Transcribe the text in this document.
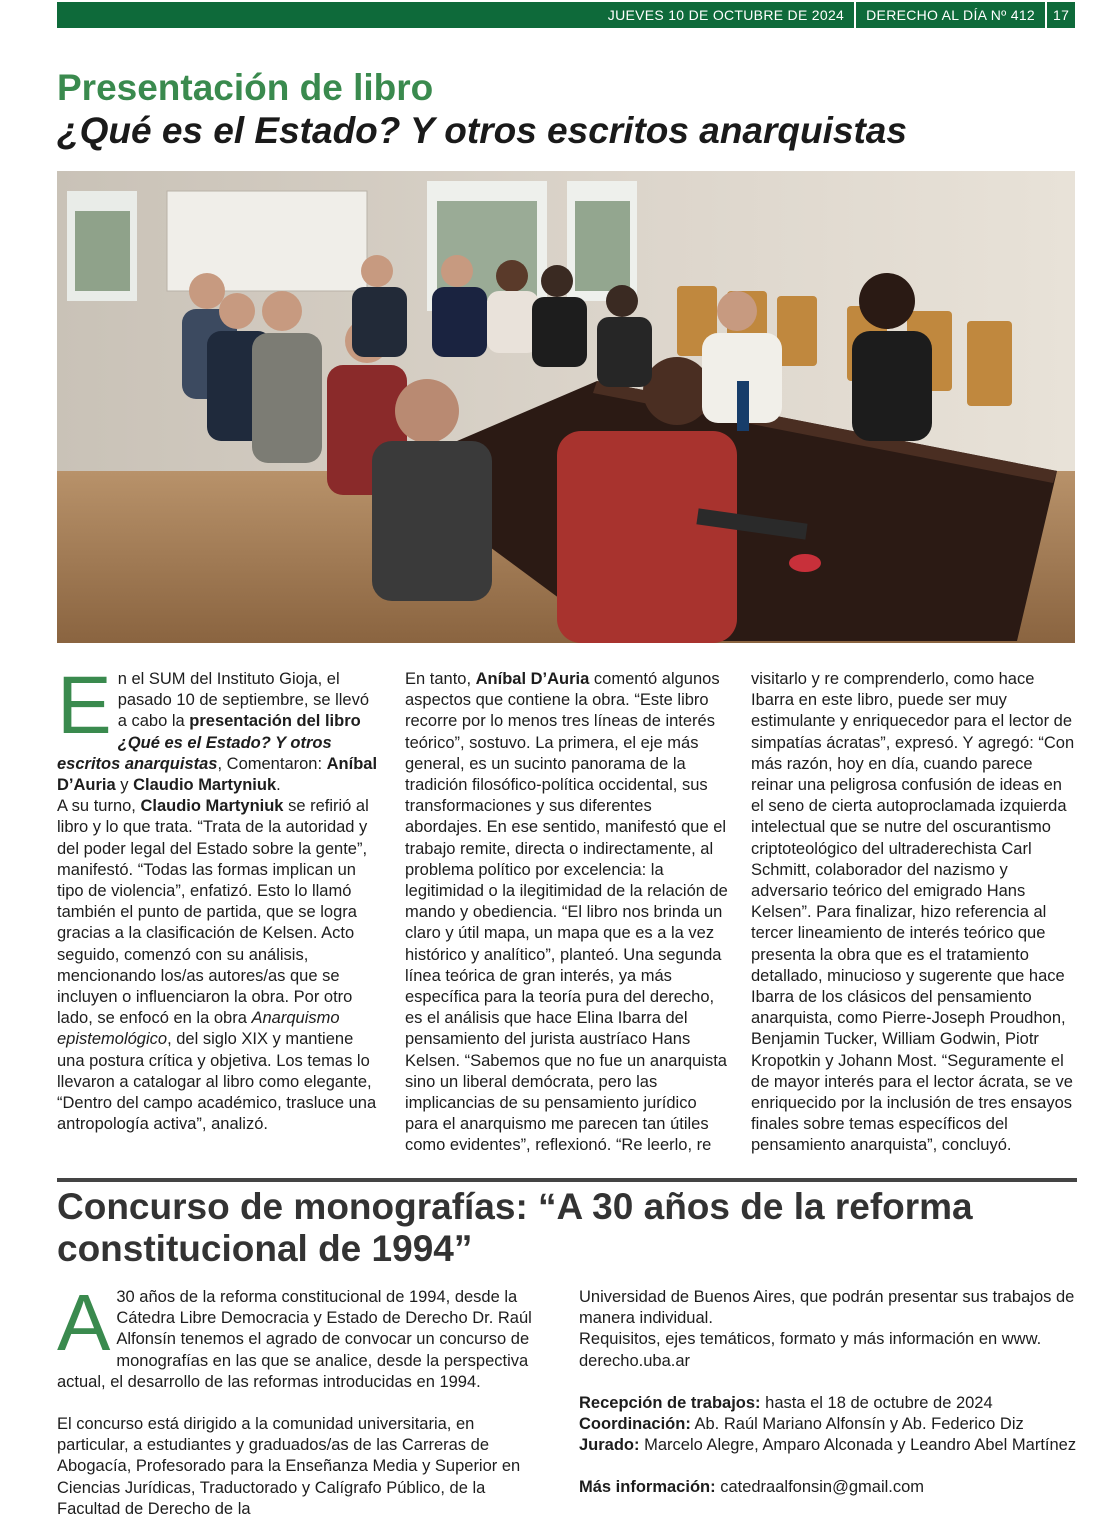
JUEVES 10 DE OCTUBRE DE 2024	DERECHO AL DÍA Nº 412	17
Presentación de libro
¿Qué es el Estado? Y otros escritos anarquistas

En el SUM del Instituto Gioja, el pasado 10 de septiembre, se llevó a cabo la presentación del libro ¿Qué es el Estado? Y otros escritos anarquistas, Comentaron: Aníbal D’Auria y Claudio Martyniuk.

A su turno, Claudio Martyniuk se refirió al libro y lo que trata. “Trata de la autoridad y del poder legal del Estado sobre la gente”, manifestó. “Todas las formas implican un tipo de violencia”, enfatizó. Esto lo llamó también el punto de partida, que se logra gracias a la clasificación de Kelsen. Acto seguido, comenzó con su análisis, mencionando los/as autores/as que se incluyen o influenciaron la obra. Por otro lado, se enfocó en la obra Anarquismo epistemológico, del siglo XIX y mantiene una postura crítica y objetiva. Los temas lo llevaron a catalogar al libro como elegante, “Dentro del campo académico, trasluce una antropología activa”, analizó.

En tanto, Aníbal D’Auria comentó algunos aspectos que contiene la obra. “Este libro recorre por lo menos tres líneas de interés teórico”, sostuvo. La primera, el eje más general, es un sucinto panorama de la tradición filosófico-política occidental, sus transformaciones y sus diferentes abordajes. En ese sentido, manifestó que el trabajo remite, directa o indirectamente, al problema político por excelencia: la legitimidad o la ilegitimidad de la relación de mando y obediencia. “El libro nos brinda un claro y útil mapa, un mapa que es a la vez histórico y analítico”, planteó. Una segunda línea teórica de gran interés, ya más específica para la teoría pura del derecho, es el análisis que hace Elina Ibarra del pensamiento del jurista austríaco Hans Kelsen. “Sabemos que no fue un anarquista sino un liberal demócrata, pero las implicancias de su pensamiento jurídico para el anarquismo me parecen tan útiles como evidentes”, reflexionó. “Re leerlo, re

visitarlo y re comprenderlo, como hace Ibarra en este libro, puede ser muy estimulante y enriquecedor para el lector de simpatías ácratas”, expresó. Y agregó: “Con más razón, hoy en día, cuando parece reinar una peligrosa confusión de ideas en el seno de cierta autoproclamada izquierda intelectual que se nutre del oscurantismo criptoteológico del ultraderechista Carl Schmitt, colaborador del nazismo y adversario teórico del emigrado Hans Kelsen”. Para finalizar, hizo referencia al tercer lineamiento de interés teórico que presenta la obra que es el tratamiento detallado, minucioso y sugerente que hace Ibarra de los clásicos del pensamiento anarquista, como Pierre-Joseph Proudhon, Benjamin Tucker, William Godwin, Piotr Kropotkin y Johann Most. “Seguramente el de mayor interés para el lector ácrata, se ve enriquecido por la inclusión de tres ensayos finales sobre temas específicos del pensamiento anarquista”, concluyó.

Concurso de monografías: “A 30 años de la reforma constitucional de 1994”

A 30 años de la reforma constitucional de 1994, desde la Cátedra Libre Democracia y Estado de Derecho Dr. Raúl Alfonsín tenemos el agrado de convocar un concurso de monografías en las que se analice, desde la perspectiva actual, el desarrollo de las reformas introducidas en 1994.

El concurso está dirigido a la comunidad universitaria, en particular, a estudiantes y graduados/as de las Carreras de Abogacía, Profesorado para la Enseñanza Media y Superior en Ciencias Jurídicas, Traductorado y Calígrafo Público, de la Facultad de Derecho de la

Universidad de Buenos Aires, que podrán presentar sus trabajos de manera individual.

Requisitos, ejes temáticos, formato y más información en www. derecho.uba.ar

Recepción de trabajos: hasta el 18 de octubre de 2024

Coordinación: Ab. Raúl Mariano Alfonsín y Ab. Federico Diz

Jurado: Marcelo Alegre, Amparo Alconada y Leandro Abel Martínez

Más información: catedraalfonsin@gmail.com
